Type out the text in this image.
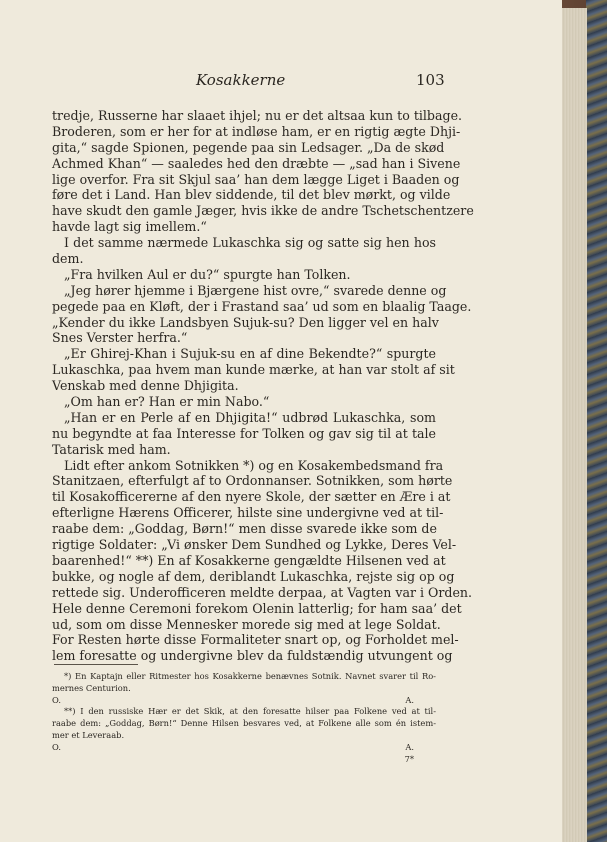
Kosakkerne	103
tredje, Russerne har slaaet ihjel; nu er det altsaa kun to tilbage.
Broderen, som er her for at indløse ham, er en rigtig ægte Dhji-
gita,“ sagde Spionen, pegende paa sin Ledsager. „Da de skød
Achmed Khan“ — saaledes hed den dræbte — „sad han i Sivene
lige overfor. Fra sit Skjul saa’ han dem lægge Liget i Baaden og
føre det i Land. Han blev siddende, til det blev mørkt, og vilde
have skudt den gamle Jæger, hvis ikke de andre Tschetschentzere
havde lagt sig imellem.“
I det samme nærmede Lukaschka sig og satte sig hen hos
dem.
„Fra hvilken Aul er du?“ spurgte han Tolken.
„Jeg hører hjemme i Bjærgene hist ovre,“ svarede denne og
pegede paa en Kløft, der i Frastand saa’ ud som en blaalig Taage.
„Kender du ikke Landsbyen Sujuk-su? Den ligger vel en halv
Snes Verster herfra.“
„Er Ghirej-Khan i Sujuk-su en af dine Bekendte?“ spurgte
Lukaschka, paa hvem man kunde mærke, at han var stolt af sit
Venskab med denne Dhjigita.
„Om han er? Han er min Nabo.“
„Han er en Perle af en Dhjigita!“ udbrød Lukaschka, som
nu begyndte at faa Interesse for Tolken og gav sig til at tale
Tatarisk med ham.
Lidt efter ankom Sotnikken *) og en Kosakembedsmand fra
Stanitzaen, efterfulgt af to Ordonnanser. Sotnikken, som hørte
til Kosakofficererne af den nyere Skole, der sætter en Ære i at
efterligne Hærens Officerer, hilste sine undergivne ved at til-
raabe dem: „Goddag, Børn!“ men disse svarede ikke som de
rigtige Soldater: „Vi ønsker Dem Sundhed og Lykke, Deres Vel-
baarenhed!“ **) En af Kosakkerne gengældte Hilsenen ved at
bukke, og nogle af dem, deriblandt Lukaschka, rejste sig op og
rettede sig. Underofficeren meldte derpaa, at Vagten var i Orden.
Hele denne Ceremoni forekom Olenin latterlig; for ham saa’ det
ud, som om disse Mennesker morede sig med at lege Soldat.
For Resten hørte disse Formaliteter snart op, og Forholdet mel-
lem foresatte og undergivne blev da fuldstændig utvungent og
*) En Kaptajn eller Ritmester hos Kosakkerne benævnes Sotnik. Navnet svarer til Ro-
mernes Centurion.
O. A.
**) I den russiske Hær er det Skik, at den foresatte hilser paa Folkene ved at til-
raabe dem: „Goddag, Børn!“ Denne Hilsen besvares ved, at Folkene alle som én istem-
mer et Leveraab.
O. A.
7*
